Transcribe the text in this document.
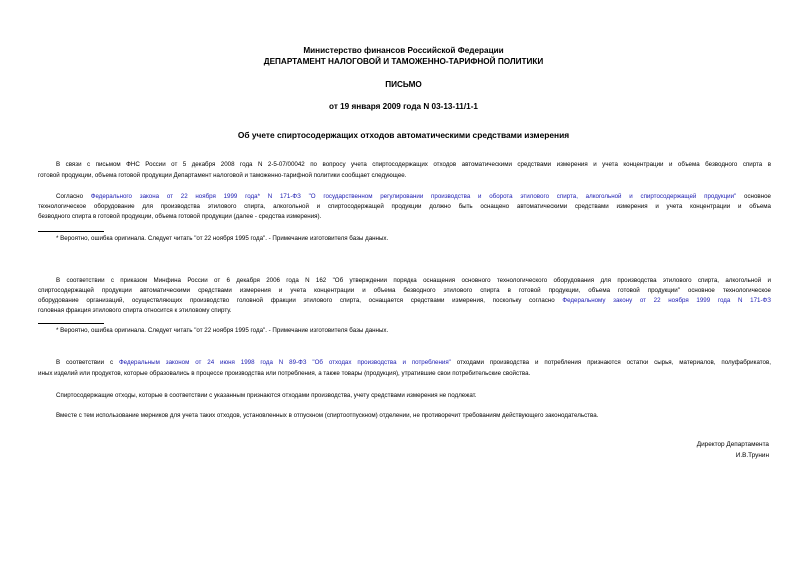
Министерство финансов Российской Федерации
ДЕПАРТАМЕНТ НАЛОГОВОЙ И ТАМОЖЕННО-ТАРИФНОЙ ПОЛИТИКИ
ПИСЬМО
от 19 января 2009 года N 03-13-11/1-1
Об учете спиртосодержащих отходов автоматическими средствами измерения
В связи с письмом ФНС России от 5 декабря 2008 года N 2-5-07/00042 по вопросу учета спиртосодержащих отходов автоматическими средствами измерения и учета концентрации и объема безводного спирта в
готовой продукции, объема готовой продукции Департамент налоговой и таможенно-тарифной политики сообщает следующее.
Согласно Федерального закона от 22 ноября 1999 года* N 171-ФЗ "О государственном регулировании производства и оборота этилового спирта, алкогольной и спиртосодержащей продукции" основное
технологическое оборудование для производства этилового спирта, алкогольной и спиртосодержащей продукции должно быть оснащено автоматическими средствами измерения и учета концентрации и объема
безводного спирта в готовой продукции, объема готовой продукции (далее - средства измерения).
* Вероятно, ошибка оригинала. Следует читать "от 22 ноября 1995 года". - Примечание изготовителя базы данных.
В соответствии с приказом Минфина России от 6 декабря 2006 года N 162 "Об утверждении порядка оснащения основного технологического оборудования для производства этилового спирта, алкогольной и
спиртосодержащей продукции автоматическими средствами измерения и учета концентрации и объема безводного этилового спирта в готовой продукции, объема готовой продукции" основное технологическое
оборудование организаций, осуществляющих производство головной фракции этилового спирта, оснащается средствами измерения, поскольку согласно Федеральному закону от 22 ноября 1999 года N 171-ФЗ
головная фракция этилового спирта относится к этиловому спирту.
* Вероятно, ошибка оригинала. Следует читать "от 22 ноября 1995 года". - Примечание изготовителя базы данных.
В соответствии с Федеральным законом от 24 июня 1998 года N 89-ФЗ "Об отходах производства и потребления" отходами производства и потребления признаются остатки сырья, материалов, полуфабрикатов,
иных изделий или продуктов, которые образовались в процессе производства или потребления, а также товары (продукция), утратившие свои потребительские свойства.
Спиртосодержащие отходы, которые в соответствии с указанным признаются отходами производства, учету средствами измерения не подлежат.
Вместе с тем использование мерников для учета таких отходов, установленных в отпускном (спиртоотпускном) отделении, не противоречит требованиям действующего законодательства.
Директор Департамента
И.В.Трунин
